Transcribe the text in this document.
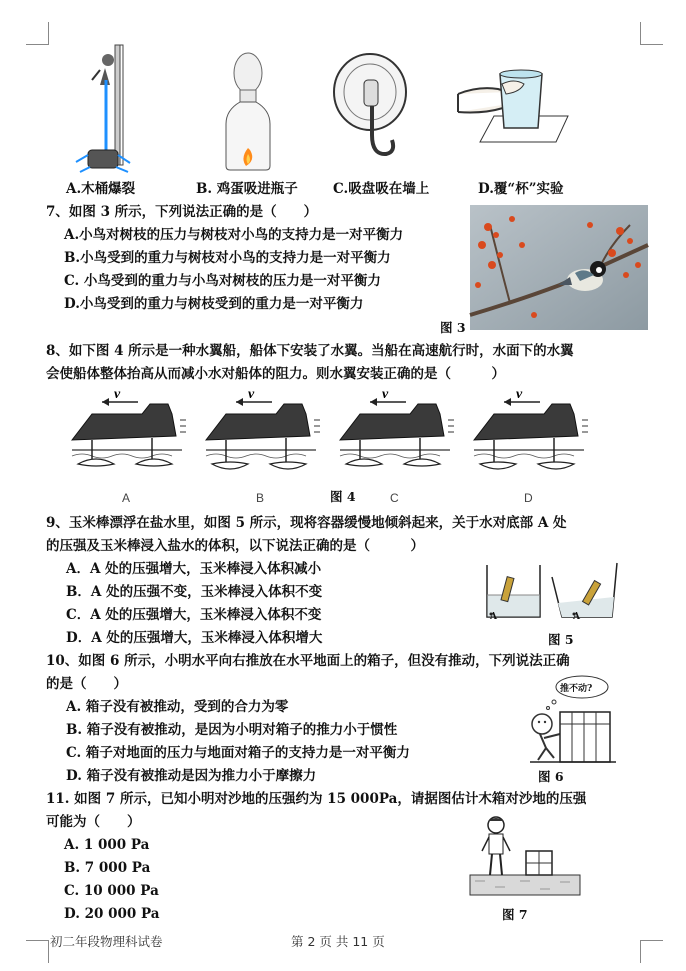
A.木桶爆裂	B. 鸡蛋吸进瓶子	C.吸盘吸在墙上	D.覆“杯”实验
7、如图 3 所示，下列说法正确的是（　　）
A.小鸟对树枝的压力与树枝对小鸟的支持力是一对平衡力
B.小鸟受到的重力与树枝对小鸟的支持力是一对平衡力
C. 小鸟受到的重力与小鸟对树枝的压力是一对平衡力
D.小鸟受到的重力与树枝受到的重力是一对平衡力
图 3
8、如下图 4 所示是一种水翼船，船体下安装了水翼。当船在高速航行时，水面下的水翼
会使船体整体抬高从而减小水对船体的阻力。则水翼安装正确的是（　　　）
v
A
v
B
v
C
v
D
图 4
9、玉米棒漂浮在盐水里，如图 5 所示，现将容器缓慢地倾斜起来，关于水对底部 A 处
的压强及玉米棒浸入盐水的体积，以下说法正确的是（　　　）
A．A 处的压强增大，玉米棒浸入体积减小
B．A 处的压强不变，玉米棒浸入体积不变
C．A 处的压强增大，玉米棒浸入体积不变
D．A 处的压强增大，玉米棒浸入体积增大
A	A
图 5
10、如图 6 所示，小明水平向右推放在水平地面上的箱子，但没有推动，下列说法正确
的是（　　）
A. 箱子没有被推动，受到的合力为零
B. 箱子没有被推动，是因为小明对箱子的推力小于惯性
C. 箱子对地面的压力与地面对箱子的支持力是一对平衡力
D. 箱子没有被推动是因为推力小于摩擦力
推不动?
图 6
11. 如图 7 所示，已知小明对沙地的压强约为 15 000Pa，请据图估计木箱对沙地的压强
可能为（　　）
A. 1 000 Pa
B. 7 000 Pa
C. 10 000 Pa
D. 20 000 Pa	图 7
初二年段物理科试卷	第 2 页 共 11 页
